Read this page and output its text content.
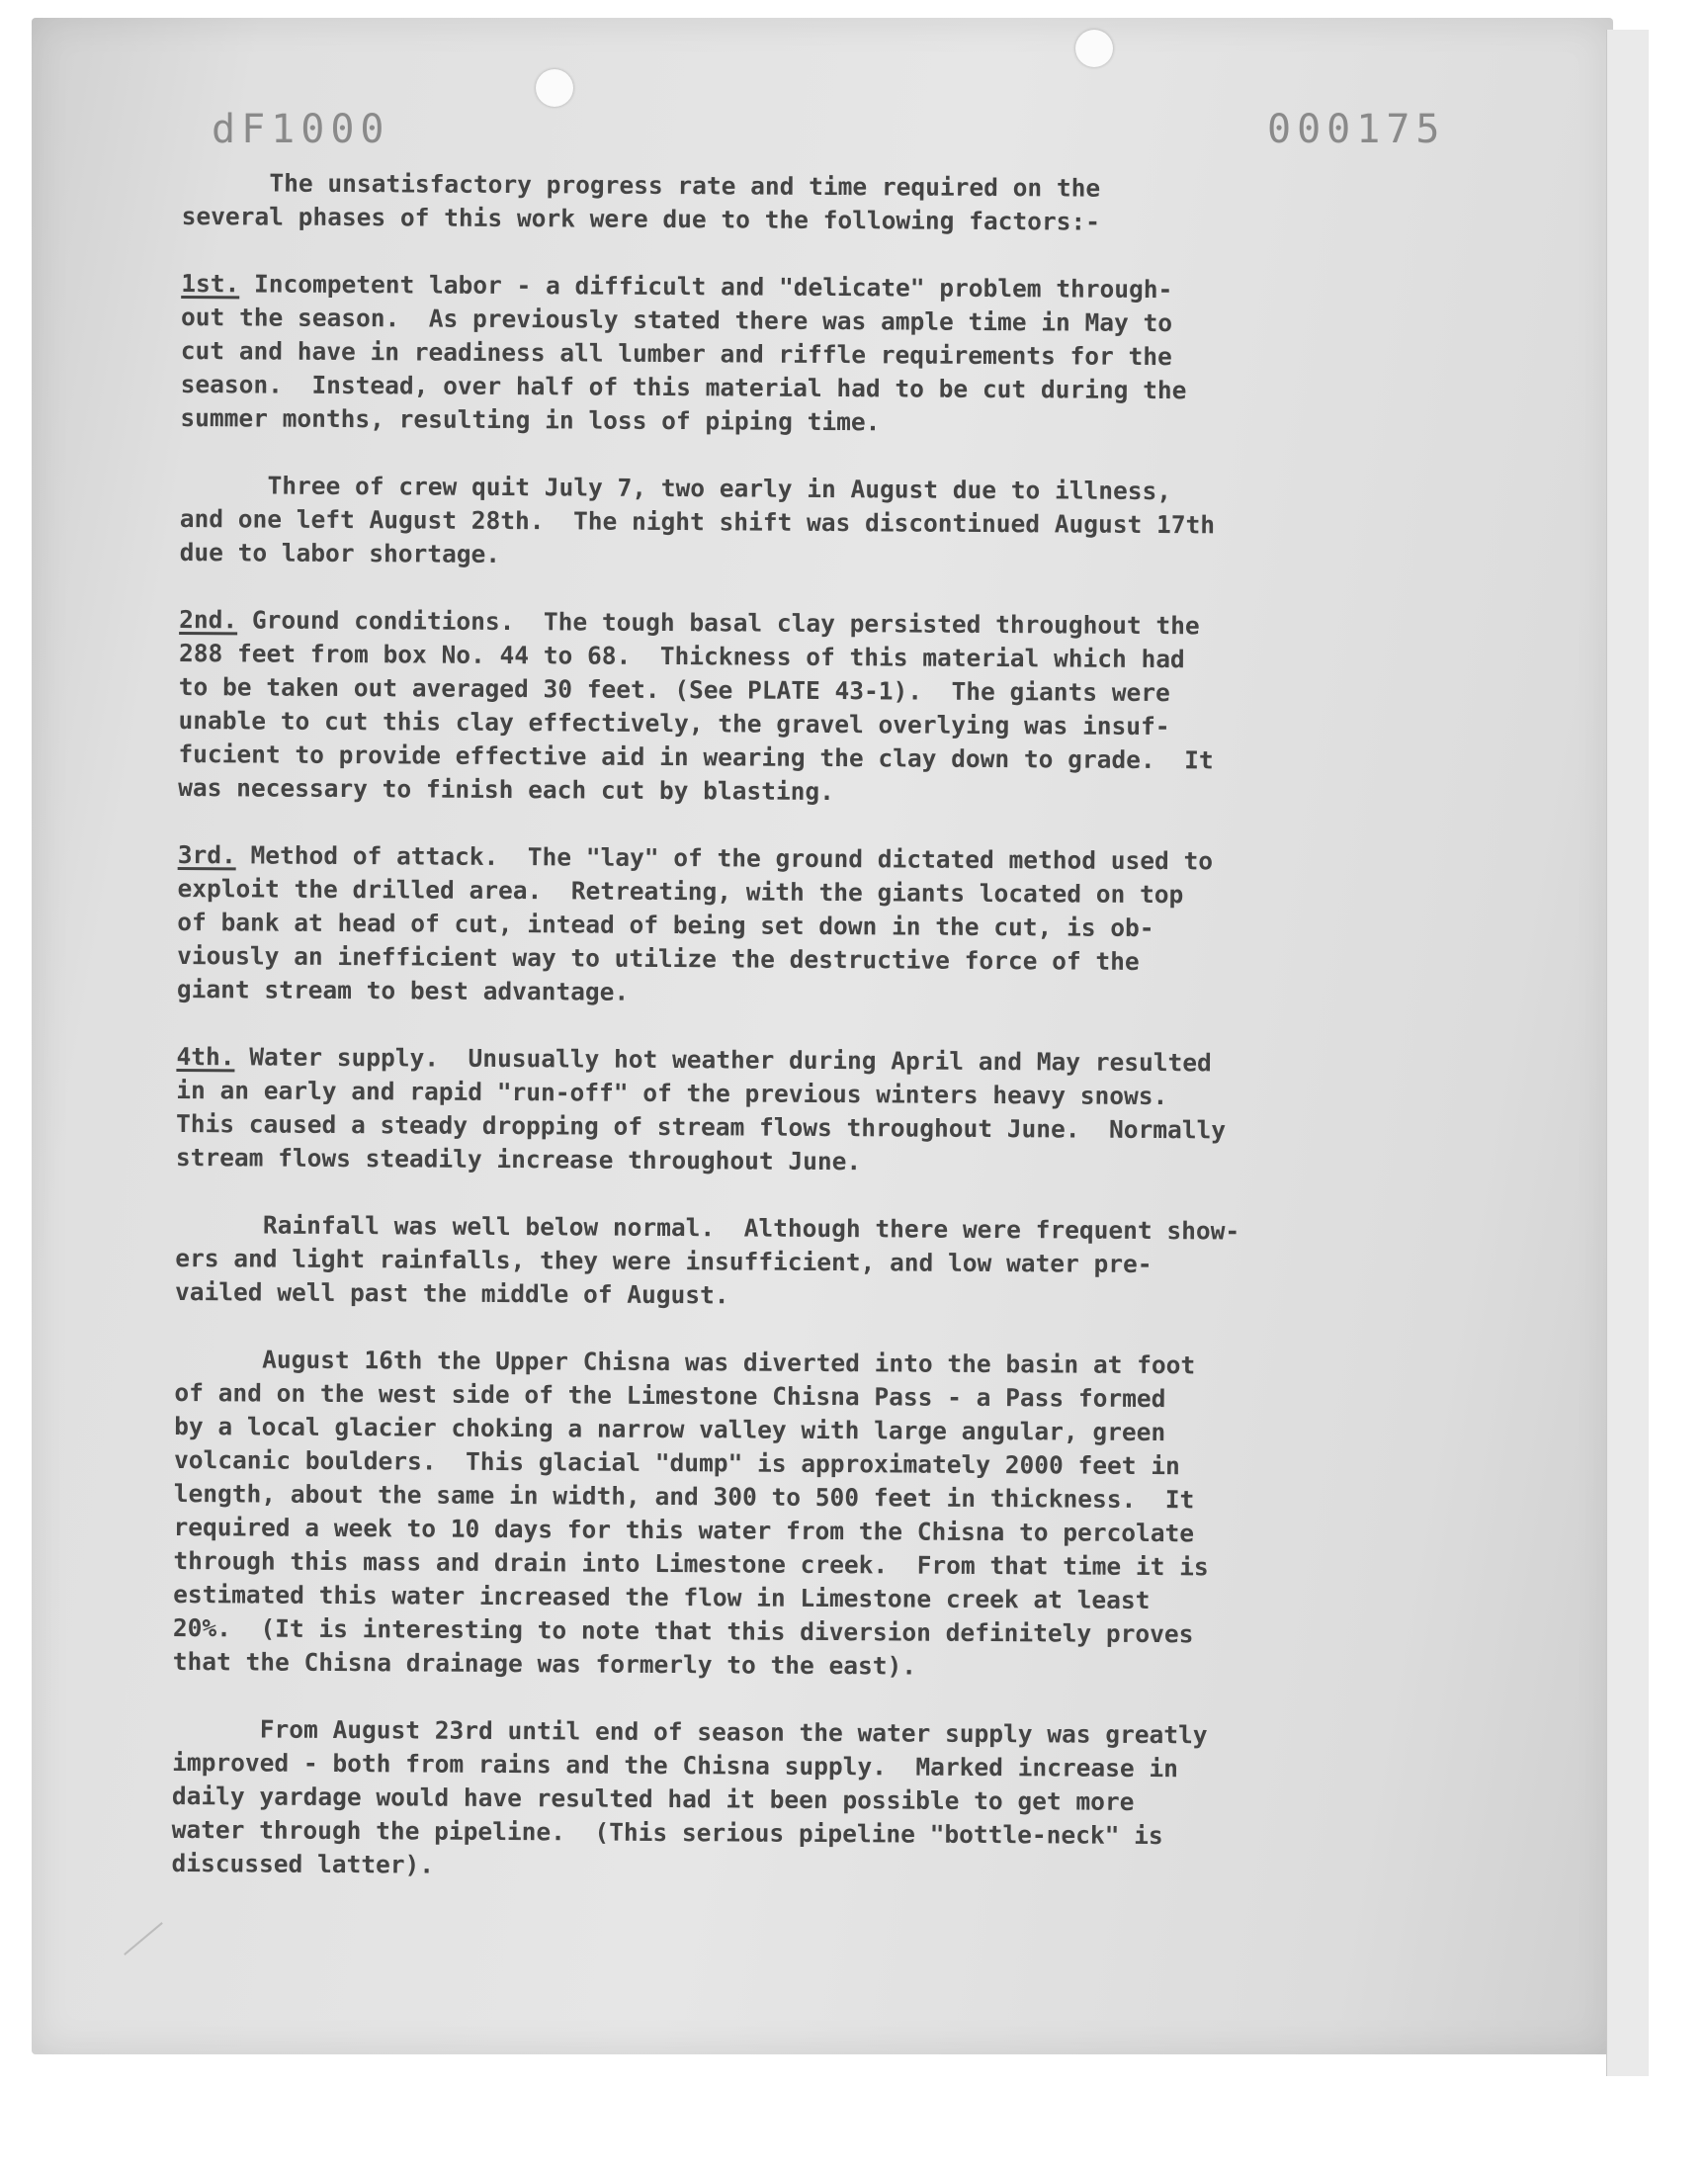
dF1000	000175
The unsatisfactory progress rate and time required on the
several phases of this work were due to the following factors:-
1st. Incompetent labor - a difficult and "delicate" problem through-
out the season.  As previously stated there was ample time in May to
cut and have in readiness all lumber and riffle requirements for the
season.  Instead, over half of this material had to be cut during the
summer months, resulting in loss of piping time.
Three of crew quit July 7, two early in August due to illness,
and one left August 28th.  The night shift was discontinued August 17th
due to labor shortage.
2nd. Ground conditions.  The tough basal clay persisted throughout the
288 feet from box No. 44 to 68.  Thickness of this material which had
to be taken out averaged 30 feet. (See PLATE 43-1).  The giants were
unable to cut this clay effectively, the gravel overlying was insuf-
fucient to provide effective aid in wearing the clay down to grade.  It
was necessary to finish each cut by blasting.
3rd. Method of attack.  The "lay" of the ground dictated method used to
exploit the drilled area.  Retreating, with the giants located on top
of bank at head of cut, intead of being set down in the cut, is ob-
viously an inefficient way to utilize the destructive force of the
giant stream to best advantage.
4th. Water supply.  Unusually hot weather during April and May resulted
in an early and rapid "run-off" of the previous winters heavy snows.
This caused a steady dropping of stream flows throughout June.  Normally
stream flows steadily increase throughout June.
Rainfall was well below normal.  Although there were frequent show-
ers and light rainfalls, they were insufficient, and low water pre-
vailed well past the middle of August.
August 16th the Upper Chisna was diverted into the basin at foot
of and on the west side of the Limestone Chisna Pass - a Pass formed
by a local glacier choking a narrow valley with large angular, green
volcanic boulders.  This glacial "dump" is approximately 2000 feet in
length, about the same in width, and 300 to 500 feet in thickness.  It
required a week to 10 days for this water from the Chisna to percolate
through this mass and drain into Limestone creek.  From that time it is
estimated this water increased the flow in Limestone creek at least
20%.  (It is interesting to note that this diversion definitely proves
that the Chisna drainage was formerly to the east).
From August 23rd until end of season the water supply was greatly
improved - both from rains and the Chisna supply.  Marked increase in
daily yardage would have resulted had it been possible to get more
water through the pipeline.  (This serious pipeline "bottle-neck" is
discussed latter).
